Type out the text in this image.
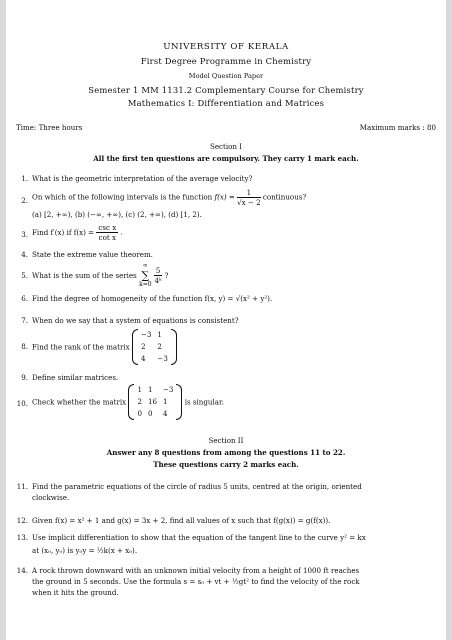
UNIVERSITY OF KERALA
First Degree Programme in Chemistry
Model Question Paper
Semester 1 MM 1131.2 Complementary Course for Chemistry
Mathematics I: Differentiation and Matrices
Time: Three hours	Maximum marks : 80
Section I
All the first ten questions are compulsory. They carry 1 mark each.
1. What is the geometric interpretation of the average velocity?
2. On which of the following intervals is the function $f(x) = \frac{1}{√x - 2}$ continuous?
(a) [2, +∞), (b) (−∞, +∞), (c) (2, +∞), (d) [1, 2).
3. Find f′(x) if $f(x) = \frac{\text{csc x}}{\text{cot x}}$ .
4. State the extreme value theorem.
5. What is the sum of the series
∞
∑
k=0
$\frac{5}{\text{4ᵏ}}$ ?
6. Find the degree of homogeneity of the function f(x, y) = √(x² + y²).
7. When do we say that a system of equations is consistent?
8. Find the rank of the matrix
−3	1
2	2
4	−3
9. Define similar matrices.
10. Check whether the matrix
1	1	−3
2	16	1
0	0	4
is singular.
Section II
Answer any 8 questions from among the questions 11 to 22.
These questions carry 2 marks each.
11. Find the parametric equations of the circle of radius 5 units, centred at the origin, oriented clockwise.
12. Given f(x) = x² + 1 and g(x) = 3x + 2, find all values of x such that f(g(x)) = g(f(x)).
13. Use implicit differentiation to show that the equation of the tangent line to the curve y² = kx
at (x₀, y₀) is y₀y = ½k(x + x₀).
14. A rock thrown downward with an unknown initial velocity from a height of 1000 ft reaches the ground in 5 seconds. Use the formula s = s₀ + vt + ½gt² to find the velocity of the rock when it hits the ground.
